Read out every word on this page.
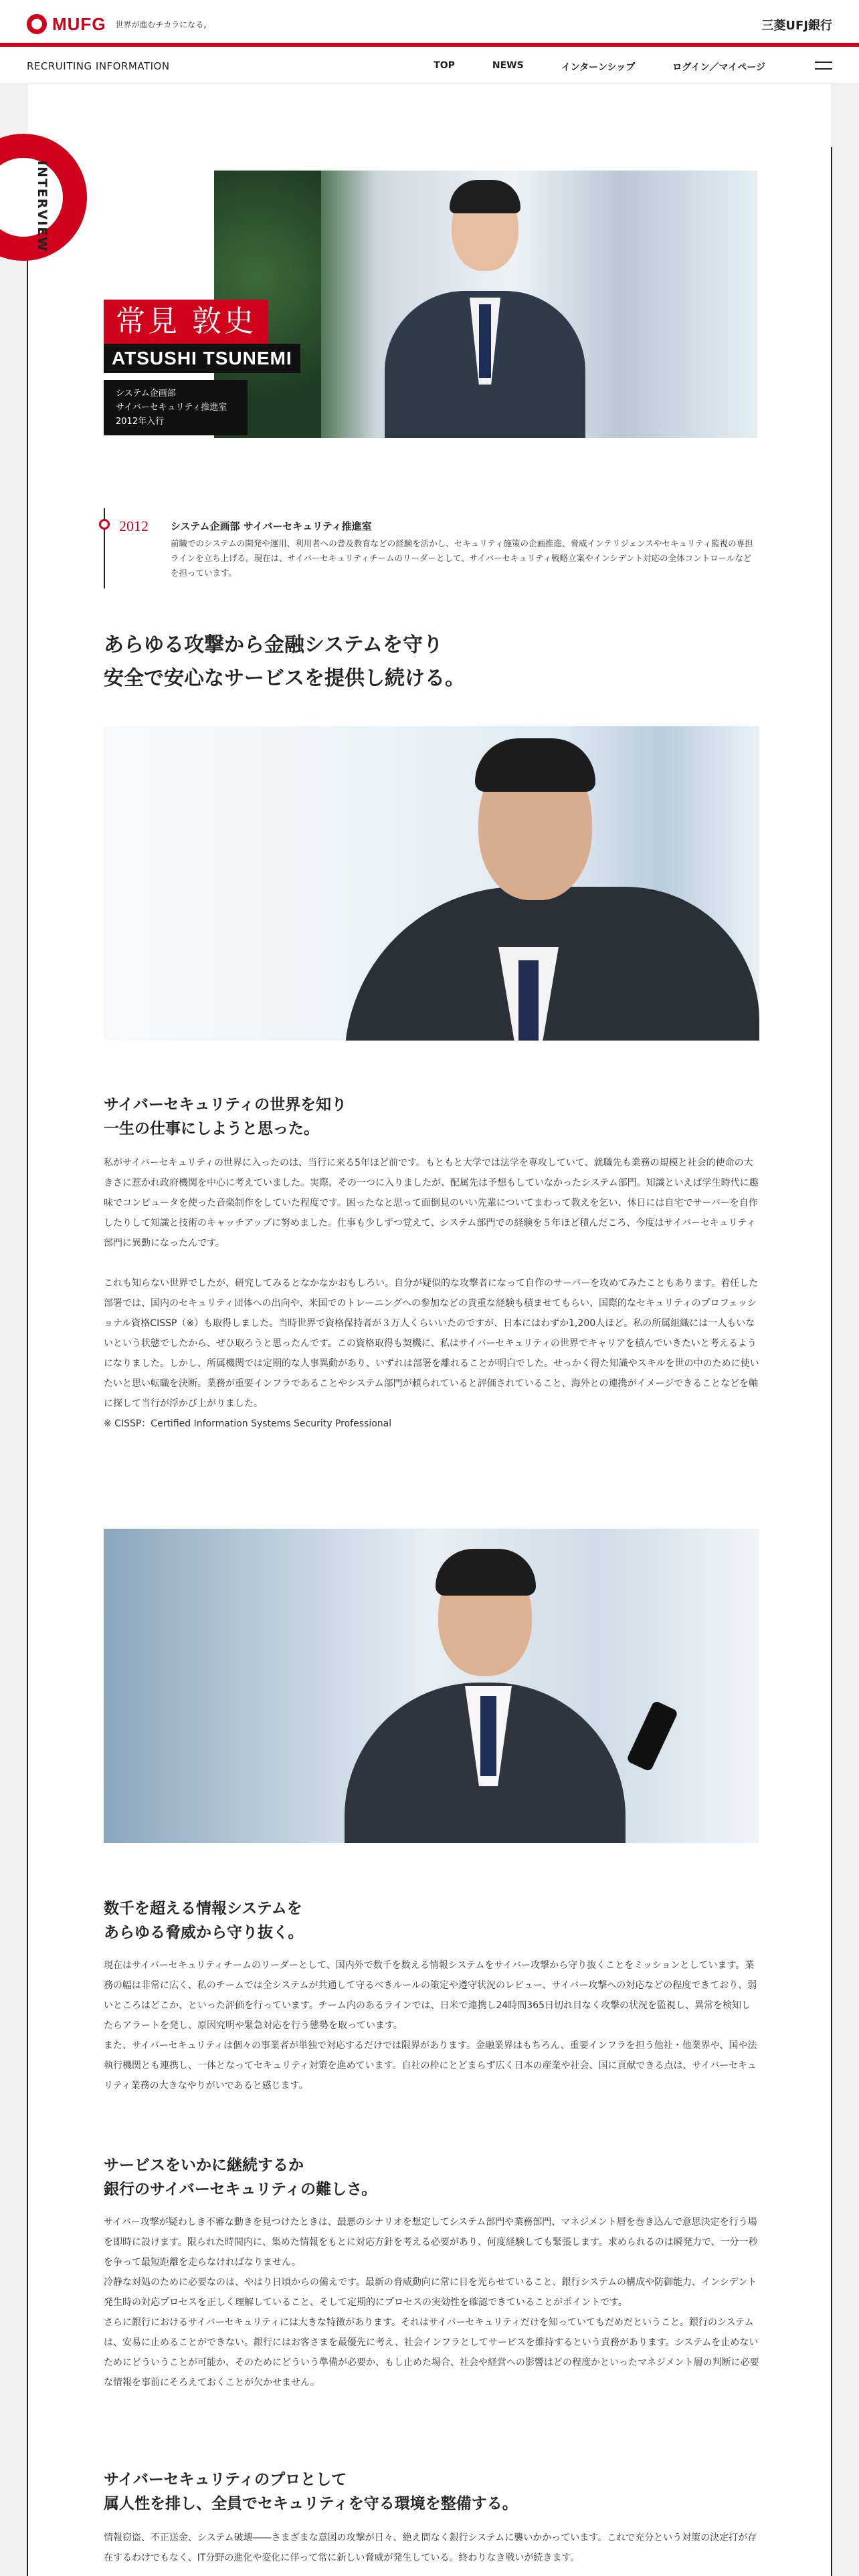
MUFG 世界が進むチカラになる。	三菱UFJ銀行
RECRUITING INFORMATION	TOP	NEWS	インターンシップ	ログイン／マイページ
INTERVIEW
常見 敦史
ATSUSHI TSUNEMI
システム企画部
サイバーセキュリティ推進室
2012年入行
2012 システム企画部 サイバーセキュリティ推進室
前職でのシステムの開発や運用、利用者への普及教育などの経験を活かし、セキュリティ施策の企画推進、脅威インテリジェンスやセキュリティ監視の専担ラインを立ち上げる。現在は、サイバーセキュリティチームのリーダーとして、サイバーセキュリティ戦略立案やインシデント対応の全体コントロールなどを担っています。
あらゆる攻撃から金融システムを守り
安全で安心なサービスを提供し続ける。
サイバーセキュリティの世界を知り
一生の仕事にしようと思った。

私がサイバーセキュリティの世界に入ったのは、当行に来る5年ほど前です。もともと大学では法学を専攻していて、就職先も業務の規模と社会的使命の大きさに惹かれ政府機関を中心に考えていました。実際、その一つに入りましたが、配属先は予想もしていなかったシステム部門。知識といえば学生時代に趣味でコンピュータを使った音楽制作をしていた程度です。困ったなと思って面倒見のいい先輩についてまわって教えを乞い、休日には自宅でサーバーを自作したりして知識と技術のキャッチアップに努めました。仕事も少しずつ覚えて、システム部門での経験を５年ほど積んだころ、今度はサイバーセキュリティ部門に異動になったんです。

これも知らない世界でしたが、研究してみるとなかなかおもしろい。自分が疑似的な攻撃者になって自作のサーバーを攻めてみたこともあります。着任した部署では、国内のセキュリティ団体への出向や、米国でのトレーニングへの参加などの貴重な経験も積ませてもらい、国際的なセキュリティのプロフェッショナル資格CISSP（※）も取得しました。当時世界で資格保持者が３万人くらいいたのですが、日本にはわずか1,200人ほど。私の所属組織には一人もいないという状態でしたから、ぜひ取ろうと思ったんです。この資格取得も契機に、私はサイバーセキュリティの世界でキャリアを積んでいきたいと考えるようになりました。しかし、所属機関では定期的な人事異動があり、いずれは部署を離れることが明白でした。せっかく得た知識やスキルを世の中のために使いたいと思い転職を決断。業務が重要インフラであることやシステム部門が頼られていると評価されていること、海外との連携がイメージできることなどを軸に探して当行が浮かび上がりました。

※ CISSP：Certified Information Systems Security Professional
数千を超える情報システムを
あらゆる脅威から守り抜く。

現在はサイバーセキュリティチームのリーダーとして、国内外で数千を数える情報システムをサイバー攻撃から守り抜くことをミッションとしています。業務の幅は非常に広く、私のチームでは全システムが共通して守るべきルールの策定や遵守状況のレビュー、サイバー攻撃への対応などの程度できており、弱いところはどこか、といった評価を行っています。チーム内のあるラインでは、日米で連携し24時間365日切れ目なく攻撃の状況を監視し、異常を検知したらアラートを発し、原因究明や緊急対応を行う態勢を取っています。

また、サイバーセキュリティは個々の事業者が単独で対応するだけでは限界があります。金融業界はもちろん、重要インフラを担う他社・他業界や、国や法執行機関とも連携し、一体となってセキュリティ対策を進めています。自社の枠にとどまらず広く日本の産業や社会、国に貢献できる点は、サイバーセキュリティ業務の大きなやりがいであると感じます。

サービスをいかに継続するか
銀行のサイバーセキュリティの難しさ。

サイバー攻撃が疑わしき不審な動きを見つけたときは、最悪のシナリオを想定してシステム部門や業務部門、マネジメント層を巻き込んで意思決定を行う場を即時に設けます。限られた時間内に、集めた情報をもとに対応方針を考える必要があり、何度経験しても緊張します。求められるのは瞬発力で、一分一秒を争って最短距離を走らなければなりません。

冷静な対処のために必要なのは、やはり日頃からの備えです。最新の脅威動向に常に目を光らせていること、銀行システムの構成や防御能力、インシデント発生時の対応プロセスを正しく理解していること、そして定期的にプロセスの実効性を確認できていることがポイントです。

さらに銀行におけるサイバーセキュリティには大きな特徴があります。それはサイバーセキュリティだけを知っていてもだめだということ。銀行のシステムは、安易に止めることができない。銀行にはお客さまを最優先に考え、社会インフラとしてサービスを維持するという責務があります。システムを止めないためにどういうことが可能か、そのためにどういう準備が必要か、もし止めた場合、社会や経営への影響はどの程度かといったマネジメント層の判断に必要な情報を事前にそろえておくことが欠かせません。

サイバーセキュリティのプロとして
属人性を排し、全員でセキュリティを守る環境を整備する。

情報窃盗、不正送金、システム破壊――さまざまな意図の攻撃が日々、絶え間なく銀行システムに襲いかかっています。これで充分という対策の決定打が存在するわけでもなく、IT分野の進化や変化に伴って常に新しい脅威が発生している。終わりなき戦いが続きます。
